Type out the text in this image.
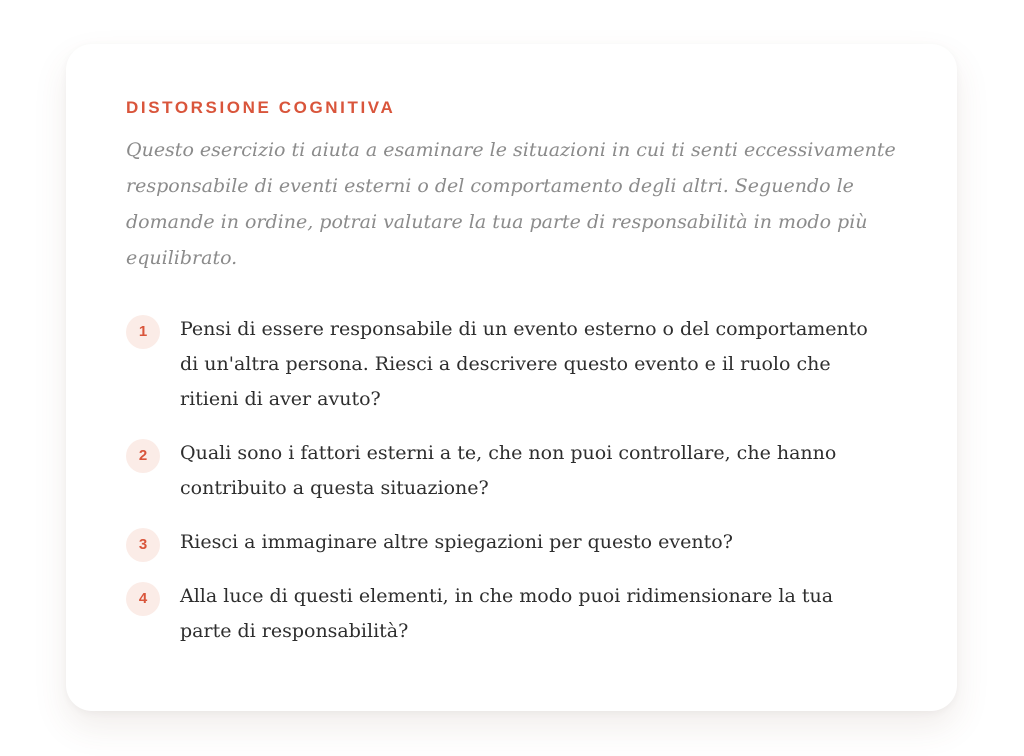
DISTORSIONE COGNITIVA

Questo esercizio ti aiuta a esaminare le situazioni in cui ti senti eccessivamente responsabile di eventi esterni o del comportamento degli altri. Seguendo le domande in ordine, potrai valutare la tua parte di responsabilità in modo più equilibrato.

1	Pensi di essere responsabile di un evento esterno o del comportamento di un'altra persona. Riesci a descrivere questo evento e il ruolo che ritieni di aver avuto?
2	Quali sono i fattori esterni a te, che non puoi controllare, che hanno contribuito a questa situazione?
3	Riesci a immaginare altre spiegazioni per questo evento?
4	Alla luce di questi elementi, in che modo puoi ridimensionare la tua parte di responsabilità?
